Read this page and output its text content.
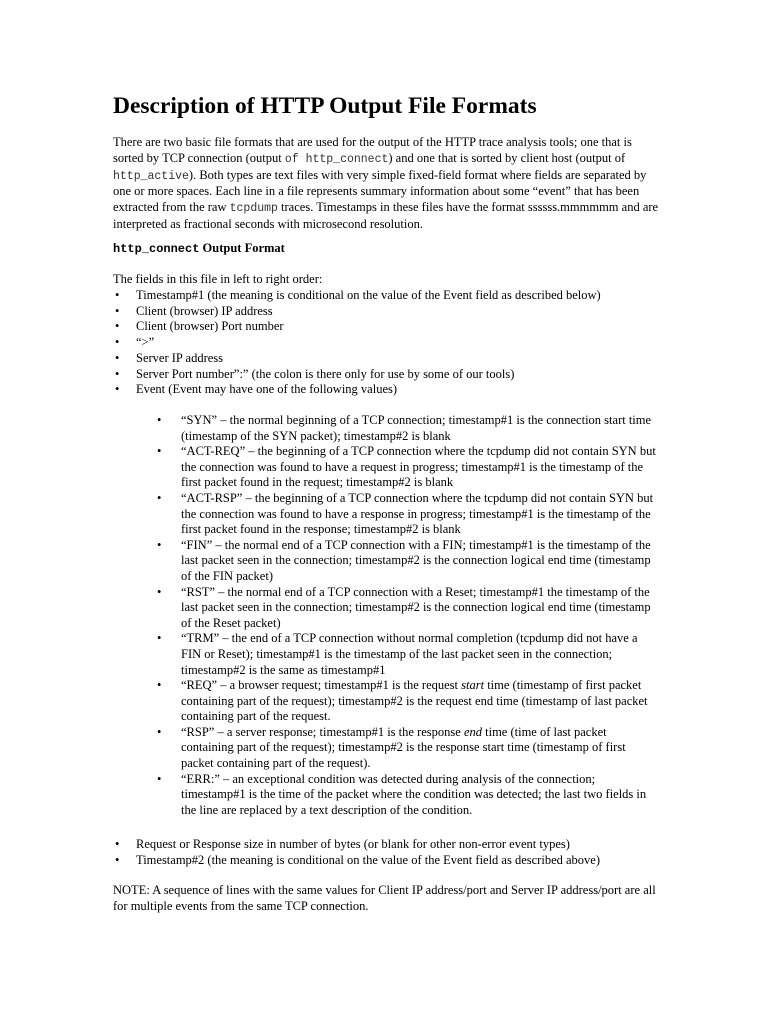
Description of HTTP Output File Formats

There are two basic file formats that are used for the output of the HTTP trace analysis tools; one that is sorted by TCP connection (output of http_connect) and one that is sorted by client host (output of http_active). Both types are text files with very simple fixed-field format where fields are separated by one or more spaces. Each line in a file represents summary information about some “event” that has been extracted from the raw tcpdump traces. Timestamps in these files have the format ssssss.mmmmmm and are interpreted as fractional seconds with microsecond resolution.

http_connect Output Format

The fields in this file in left to right order:

• Timestamp#1 (the meaning is conditional on the value of the Event field as described below)
• Client (browser) IP address
• Client (browser) Port number
• “>”
• Server IP address
• Server Port number”:” (the colon is there only for use by some of our tools)
• Event (Event may have one of the following values)
• “SYN” – the normal beginning of a TCP connection; timestamp#1 is the connection start time (timestamp of the SYN packet); timestamp#2 is blank
• “ACT-REQ” – the beginning of a TCP connection where the tcpdump did not contain SYN but the connection was found to have a request in progress; timestamp#1 is the timestamp of the first packet found in the request; timestamp#2 is blank
• “ACT-RSP” – the beginning of a TCP connection where the tcpdump did not contain SYN but the connection was found to have a response in progress; timestamp#1 is the timestamp of the first packet found in the response; timestamp#2 is blank
• “FIN” – the normal end of a TCP connection with a FIN; timestamp#1 is the timestamp of the last packet seen in the connection; timestamp#2 is the connection logical end time (timestamp of the FIN packet)
• “RST” – the normal end of a TCP connection with a Reset; timestamp#1 the timestamp of the last packet seen in the connection; timestamp#2 is the connection logical end time (timestamp of the Reset packet)
• “TRM” – the end of a TCP connection without normal completion (tcpdump did not have a FIN or Reset); timestamp#1 is the timestamp of the last packet seen in the connection; timestamp#2 is the same as timestamp#1
• “REQ” – a browser request; timestamp#1 is the request start time (timestamp of first packet containing part of the request); timestamp#2 is the request end time (timestamp of last packet containing part of the request.
• “RSP” – a server response; timestamp#1 is the response end time (time of last packet containing part of the request); timestamp#2 is the response start time (timestamp of first packet containing part of the request).
• “ERR:” – an exceptional condition was detected during analysis of the connection; timestamp#1 is the time of the packet where the condition was detected; the last two fields in the line are replaced by a text description of the condition.
• Request or Response size in number of bytes (or blank for other non-error event types)
• Timestamp#2 (the meaning is conditional on the value of the Event field as described above)

NOTE: A sequence of lines with the same values for Client IP address/port and Server IP address/port are all for multiple events from the same TCP connection.
